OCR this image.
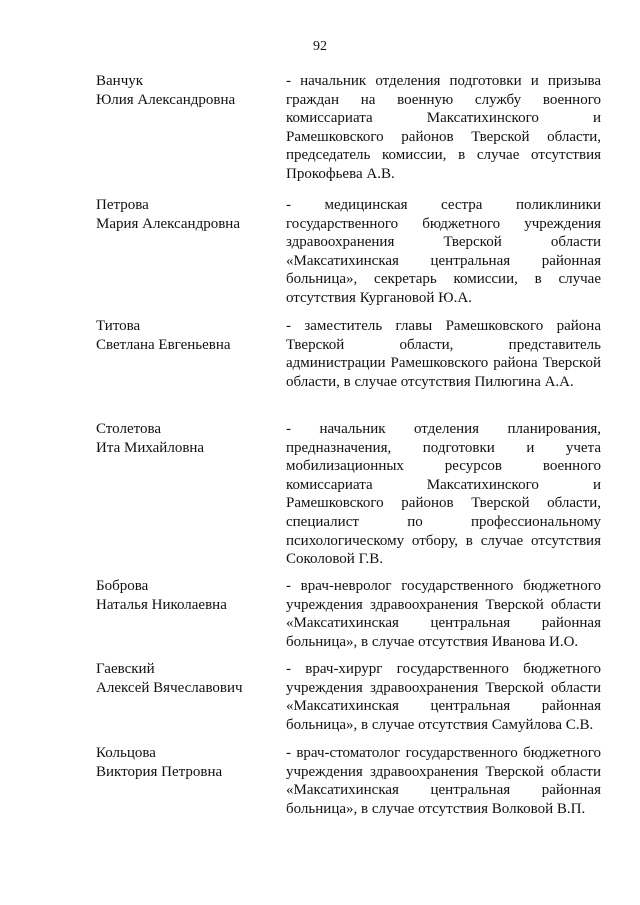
92
Ванчук
Юлия Александровна
- начальник отделения подготовки и призыва граждан на военную службу военного комиссариата Максатихинского и Рамешковского районов Тверской области, председатель комиссии, в случае отсутствия Прокофьева А.В.
Петрова
Мария Александровна
- медицинская сестра поликлиники государственного бюджетного учреждения здравоохранения Тверской области «Максатихинская центральная районная больница», секретарь комиссии, в случае отсутствия Кургановой Ю.А.
Титова
Светлана Евгеньевна
- заместитель главы Рамешковского района Тверской области, представитель администрации Рамешковского района Тверской области, в случае отсутствия Пилюгина А.А.
Столетова
Ита Михайловна
- начальник отделения планирования, предназначения, подготовки и учета мобилизационных ресурсов военного комиссариата Максатихинского и Рамешковского районов Тверской области, специалист по профессиональному психологическому отбору, в случае отсутствия Соколовой Г.В.
Боброва
Наталья Николаевна
- врач-невролог государственного бюджетного учреждения здравоохранения Тверской области «Максатихинская центральная районная больница», в случае отсутствия Иванова И.О.
Гаевский
Алексей Вячеславович
- врач-хирург государственного бюджетного учреждения здравоохранения Тверской области «Максатихинская центральная районная больница», в случае отсутствия Самуйлова С.В.
Кольцова
Виктория Петровна
- врач-стоматолог государственного бюджетного учреждения здравоохранения Тверской области «Максатихинская центральная районная больница», в случае отсутствия Волковой В.П.
